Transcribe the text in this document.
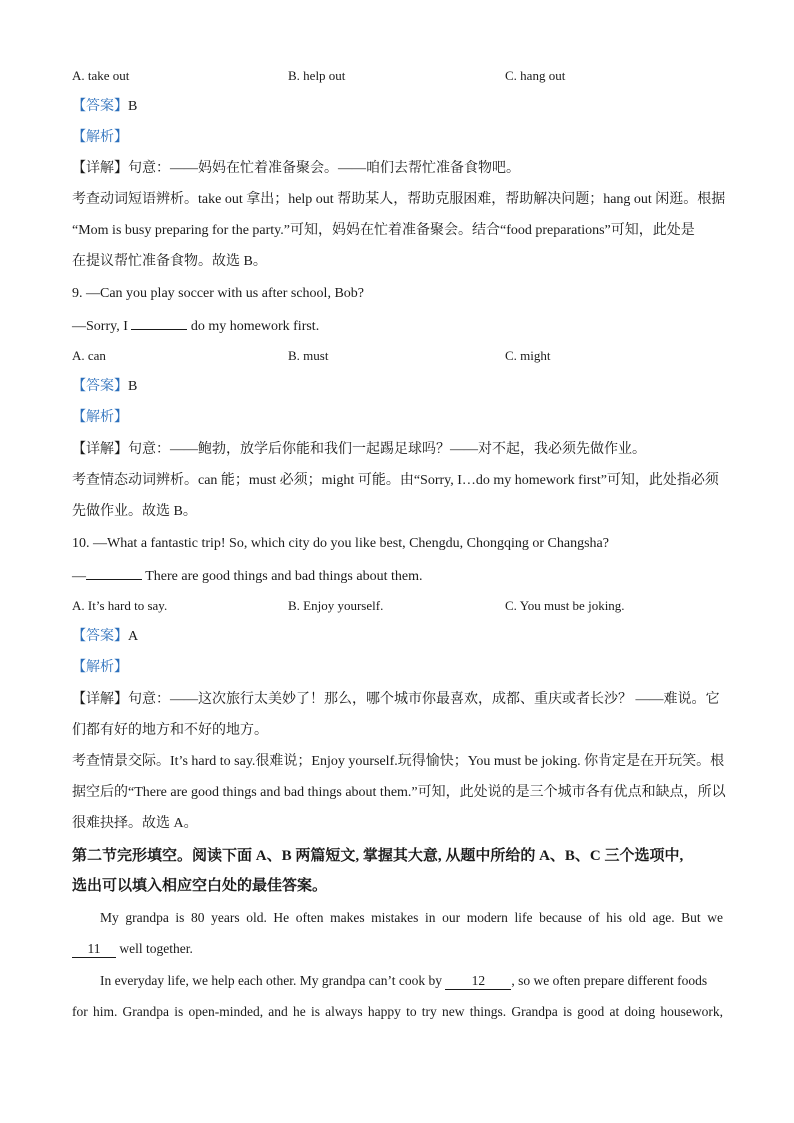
A. take out	B. help out	C. hang out
【答案】B
【解析】
【详解】句意：——妈妈在忙着准备聚会。——咱们去帮忙准备食物吧。
考查动词短语辨析。take out 拿出；help out 帮助某人，帮助克服困难，帮助解决问题；hang out 闲逛。根据
“Mom is busy preparing for the party.”可知，妈妈在忙着准备聚会。结合“food preparations”可知，此处是
在提议帮忙准备食物。故选 B。
9. —Can you play soccer with us after school, Bob?
—Sorry, I	do my homework first.
A. can	B. must	C. might
【答案】B
【解析】
【详解】句意：——鲍勃，放学后你能和我们一起踢足球吗？——对不起，我必须先做作业。
考查情态动词辨析。can 能；must 必须；might 可能。由“Sorry, I…do my homework first”可知，此处指必须
先做作业。故选 B。
10. —What a fantastic trip! So, which city do you like best, Chengdu, Chongqing or Changsha?
—	There are good things and bad things about them.
A. It’s hard to say.	B. Enjoy yourself.	C. You must be joking.
【答案】A
【解析】
【详解】句意：——这次旅行太美妙了！那么，哪个城市你最喜欢，成都、重庆或者长沙？ ——难说。它
们都有好的地方和不好的地方。
考查情景交际。It’s hard to say.很难说；Enjoy yourself.玩得愉快；You must be joking. 你肯定是在开玩笑。根
据空后的“There are good things and bad things about them.”可知，此处说的是三个城市各有优点和缺点，所以
很难抉择。故选 A。
第二节完形填空。阅读下面 A、B 两篇短文, 掌握其大意, 从题中所给的 A、B、C 三个选项中,
选出可以填入相应空白处的最佳答案。
My grandpa is 80 years old. He often makes mistakes in our modern life because of his old age. But we
11 well together.
In everyday life, we help each other. My grandpa can’t cook by 12 , so we often prepare different foods
for him. Grandpa is open-minded, and he is always happy to try new things. Grandpa is good at doing housework,
